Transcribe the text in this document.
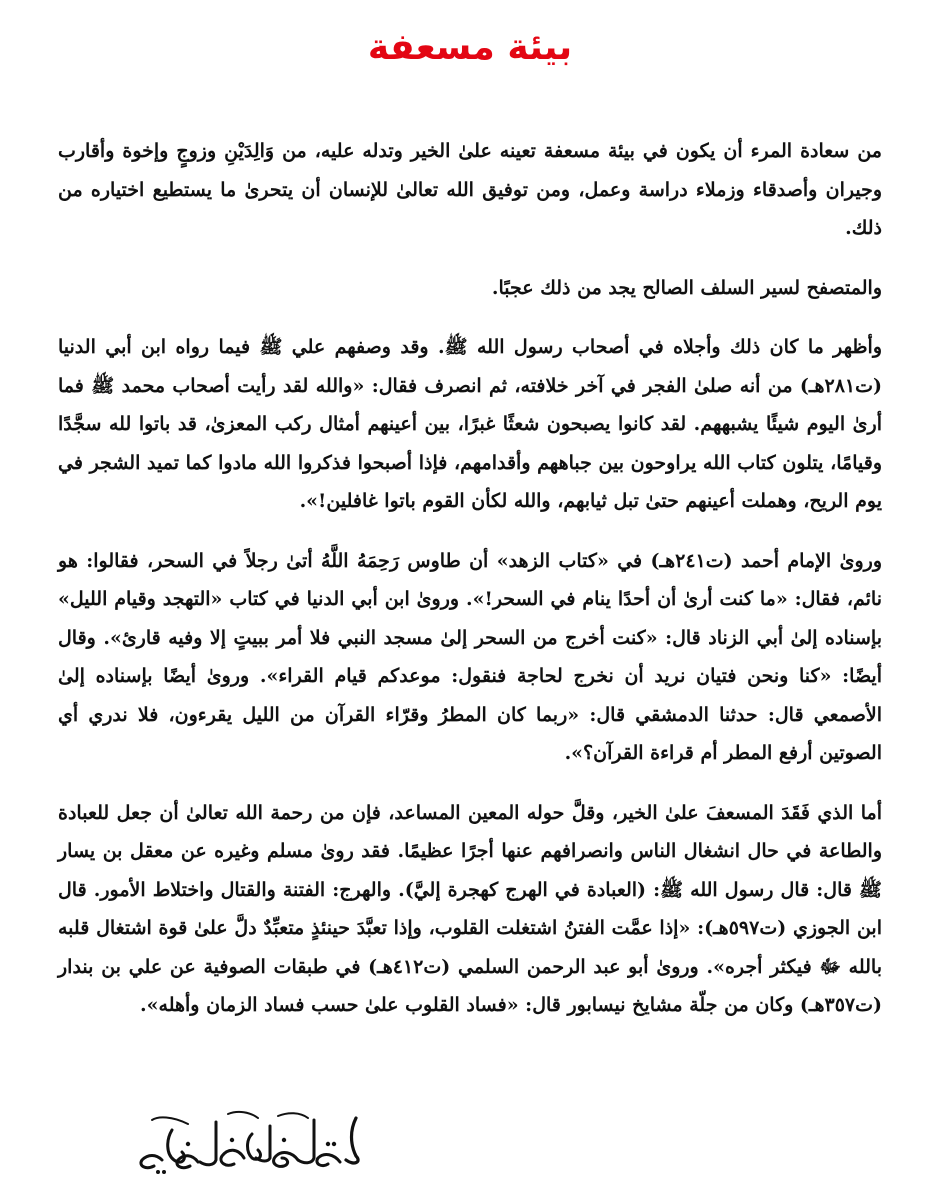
بيئة مسعفة

من سعادة المرء أن يكون في بيئة مسعفة تعينه علىٰ الخير وتدله عليه، من وَالِدَيْنِ وزوجٍ وإخوة وأقارب وجيران وأصدقاء وزملاء دراسة وعمل، ومن توفيق الله تعالىٰ للإنسان أن يتحرىٰ ما يستطيع اختياره من ذلك.

والمتصفح لسير السلف الصالح يجد من ذلك عجبًا.

وأظهر ما كان ذلك وأجلاه في أصحاب رسول الله ﷺ. وقد وصفهم علي ﷺ فيما رواه ابن أبي الدنيا (ت٢٨١هـ) من أنه صلىٰ الفجر في آخر خلافته، ثم انصرف فقال: «والله لقد رأيت أصحاب محمد ﷺ فما أرىٰ اليوم شيئًا يشبههم. لقد كانوا يصبحون شعثًا غبرًا، بين أعينهم أمثال ركب المعزىٰ، قد باتوا لله سجَّدًا وقيامًا، يتلون كتاب الله يراوحون بين جباههم وأقدامهم، فإذا أصبحوا فذكروا الله مادوا كما تميد الشجر في يوم الريح، وهملت أعينهم حتىٰ تبل ثيابهم، والله لكأن القوم باتوا غافلين!».

وروىٰ الإمام أحمد (ت٢٤١هـ) في «كتاب الزهد» أن طاوس رَحِمَهُ اللَّهُ أتىٰ رجلاً في السحر، فقالوا: هو نائم، فقال: «ما كنت أرىٰ أن أحدًا ينام في السحر!». وروىٰ ابن أبي الدنيا في كتاب «التهجد وقيام الليل» بإسناده إلىٰ أبي الزناد قال: «كنت أخرج من السحر إلىٰ مسجد النبي فلا أمر ببيتٍ إلا وفيه قارئ». وقال أيضًا: «كنا ونحن فتيان نريد أن نخرج لحاجة فنقول: موعدكم قيام القراء». وروىٰ أيضًا بإسناده إلىٰ الأصمعي قال: حدثنا الدمشقي قال: «ربما كان المطرُ وقرّاء القرآن من الليل يقرءون، فلا ندري أي الصوتين أرفع المطر أم قراءة القرآن؟».

أما الذي فَقَدَ المسعفَ علىٰ الخير، وقلَّ حوله المعين المساعد، فإن من رحمة الله تعالىٰ أن جعل للعبادة والطاعة في حال انشغال الناس وانصرافهم عنها أجرًا عظيمًا. فقد روىٰ مسلم وغيره عن معقل بن يسار ﷺ قال: قال رسول الله ﷺ: (العبادة في الهرج كهجرة إليَّ). والهرج: الفتنة والقتال واختلاط الأمور. قال ابن الجوزي (ت٥٩٧هـ): «إذا عمَّت الفتنُ اشتغلت القلوب، وإذا تعبَّدَ حينئذٍ متعبِّدٌ دلَّ علىٰ قوة اشتغال قلبه بالله ﷻ فيكثر أجره». وروىٰ أبو عبد الرحمن السلمي (ت٤١٢هـ) في طبقات الصوفية عن علي بن بندار (ت٣٥٧هـ) وكان من جلّة مشايخ نيسابور قال: «فساد القلوب علىٰ حسب فساد الزمان وأهله».
